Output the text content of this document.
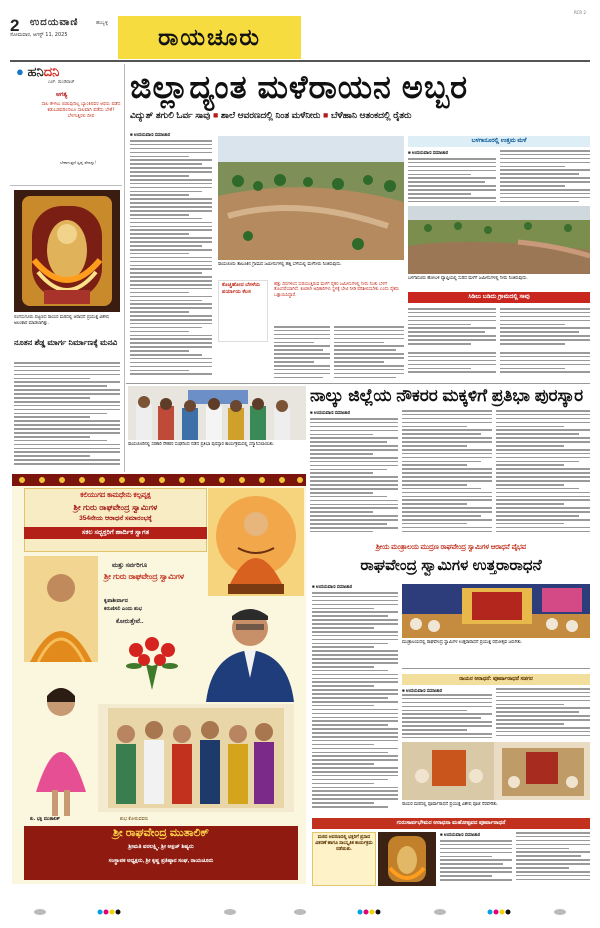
2 ಉದಯವಾಣಿ	ಹುಬ್ಬಳ್ಳಿ
ಸೋಮವಾರ, ಆಗಸ್ಟ್ 11, 2025	ರಾಯಚೂರು
RCR 2
● ಹನಿದನಿ
ಎಚ್. ಡುಂಡಿರಾಜ್
ಆಗತ್ಯ
ಸಾಲ ಕೇಳಲು ಬಿಡುವುದಿಲ್ಲ ಬ್ಯಾಂಕಿನವರ ಆಫರು ಪಡೆದ ಕಡುಬಡವರಿಂದಲೂ ಸಾಲವಾಗಿ ಪಡೆದು ಬೇಕೆ? ಬೆಳಗುತ್ತಿರಲಿ ದೀಪ
ಬೇಕಾಗುತ್ತದೆ ಸ್ವಪ್ನ ಪೆನಾನ್ನು!
ಲಿಂಗಸುಗೂರು ಪಟ್ಟಣದ ರಾಯರ ಮಠದಲ್ಲಿ ಆರಾಧನೆ ಪ್ರಯುಕ್ತ ವಿಶೇಷ ಅಲಂಕಾರ ಮಾಡಲಾಗಿತ್ತು.
ನೂತನ ಶೆಡ್ಡ ಮಾರ್ಗ ನಿರ್ಮಾಣಕ್ಕೆ ಮನವಿ
ಜಿಲ್ಲಾದ್ಯಂತ ಮಳೆರಾಯನ ಅಬ್ಬರ
ವಿದ್ಯುತ್ ತಗುಲಿ ಓರ್ವ ಸಾವು ■ ಶಾಲೆ ಆವರಣದಲ್ಲಿ ನಿಂತ ಮಳೆನೀರು ■ ಬೆಳೆಹಾನಿ ಆತಂಕದಲ್ಲಿ ರೈತರು
■ ಉದಯವಾಣಿ ಸಮಾಚಾರ
ರಾಯಚೂರು ತಾಲೂಕಿನ ಗ್ರಾಮದ ಜಮೀನುಗಳಲ್ಲಿ ಹತ್ತಿ ಬೆಳೆಯಲ್ಲಿ ಮಳೆನೀರು ನಿಂತಿರುವುದು.
ಕೊಚ್ಚಿಹೋದ ಬೆಸಳೆಯ ಪರ್ಯಾಯ ಕೆಲಸ
ಹತ್ತು ದಿನಗಳಿಂದ ಸುರಿಯುತ್ತಿರುವ ಮಳೆಗೆ ರೈತರ ಜಮೀನುಗಳಲ್ಲಿ ನೀರು ನಿಂತು ಬೆಳೆಗೆ ತೊಂದರೆಯಾಗಿದೆ. ಕೂಡಲೇ ಅಧಿಕಾರಿಗಳು ಸ್ಥಳಕ್ಕೆ ಭೇಟಿ ನೀಡಿ ಪರಿಶೀಲಿಸಬೇಕು ಎಂದು ರೈತರು ಒತ್ತಾಯಿಸಿದ್ದಾರೆ.
ಬಳಗಾನೂರಲ್ಲಿ ಉತ್ತಮ ಮಳೆ
■ ಉದಯವಾಣಿ ಸಮಾಚಾರ
ಬಳಗಾನೂರು ಹೋಬಳಿ ವ್ಯಾಪ್ತಿಯಲ್ಲಿ ಸುರಿದ ಮಳೆಗೆ ಜಮೀನುಗಳಲ್ಲಿ ನೀರು ನಿಂತಿರುವುದು.
ಸಿಡಿಲು ಬಡಿದು ಗ್ರಾಮದಲ್ಲಿ ಸಾವು
ರಾಯಚೂರಿನಲ್ಲಿ ಸರಕಾರಿ ನೌಕರರ ಸಂಘದಿಂದ ನಡೆದ ಪ್ರತಿಭಾ ಪುರಸ್ಕಾರ ಕಾರ್ಯಕ್ರಮದಲ್ಲಿ ಸನ್ಮಾನಿಸಲಾಯಿತು.
ನಾಲ್ಕು ಜಿಲ್ಲೆಯ ನೌಕರರ ಮಕ್ಕಳಿಗೆ ಪ್ರತಿಭಾ ಪುರಸ್ಕಾರ
■ ಉದಯವಾಣಿ ಸಮಾಚಾರ
ಕಲಿಯುಗದ ಕಾಮಧೇನು ಕಲ್ಪವೃಕ್ಷ
ಶ್ರೀ ಗುರು ರಾಘವೇಂದ್ರ ಸ್ವಾಮಿಗಳ
354ನೇಯ ಆರಾಧನೆ ಸಮಾರಂಭಕ್ಕೆ
ಸಕಲ ಸದ್ಭಕ್ತರಿಗೆ ಹಾರ್ದಿಕ ಸ್ವಾಗತ
ಮತ್ತು ಸರ್ವರಿಗೂ
ಶ್ರೀ ಗುರು ರಾಘವೇಂದ್ರ ಸ್ವಾಮಿಗಳ
ಕೃಪಾಶೀರ್ವಾದ
ಕರುಣಿಸಲಿ ಎಂದು ಶುಭ
ಕೋರುತ್ತೇವೆ..
ಕು. ಭಕ್ತಿ ಮುತಾಲಿಕ್	ಶುಭ ಕೋರುವವರು
ಶ್ರೀ ರಾಘವೇಂದ್ರ ಮುತಾಲಿಕ್
ಶ್ರೀಮತಿ ವರಲಕ್ಷ್ಮಿ, ಶ್ರೀ ಅಕ್ಷಜ್ ಶಿಷ್ಯರು
ಸಂಸ್ಥಾಪಕ ಅಧ್ಯಕ್ಷರು, ಶ್ರೀ ಕೃಷ್ಣ ಪ್ರತಿಷ್ಠಾನ ಸಂಘ, ರಾಯಚೂರು
ಶ್ರೀಯ ಮಂತ್ರಾಲಯ ಮುದ್ರಣ ರಾಘವೇಂದ್ರ ಸ್ವಾಮಿಗಳ ಆರಾಧನೆ ವೈಭವ
ರಾಘವೇಂದ್ರ ಸ್ವಾಮಿಗಳ ಉತ್ತರಾರಾಧನೆ
■ ಉದಯವಾಣಿ ಸಮಾಚಾರ
ಮಂತ್ರಾಲಯದಲ್ಲಿ ರಾಘವೇಂದ್ರ ಸ್ವಾಮಿಗಳ ಉತ್ತರಾರಾಧನೆ ಪ್ರಯುಕ್ತ ರಥೋತ್ಸವ ಜರುಗಿತು.
ರಾಯರ ಆರಾಧನೆ: ಪೂರ್ವಾರಾಧನೆ ಸಡಗರ
■ ಉದಯವಾಣಿ ಸಮಾಚಾರ
ರಾಯರ ಮಠದಲ್ಲಿ ಪೂರ್ವಾರಾಧನೆ ಪ್ರಯುಕ್ತ ವಿಶೇಷ ಪೂಜೆ ನೆರವೇರಿತು.
ಗುರುಸಾರ್ವಭೌಮರ ಆರಾಧನಾ ಮಹೋತ್ಸವದ ಪೂರ್ವಾರಾಧನೆ
ಮಠದ ಆವರಣದಲ್ಲಿ ಭಕ್ತರಿಗೆ ಪ್ರಸಾದ ವಿತರಣೆ ಹಾಗೂ ಸಾಂಸ್ಕೃತಿಕ ಕಾರ್ಯಕ್ರಮ ನಡೆಯಿತು.
■ ಉದಯವಾಣಿ ಸಮಾಚಾರ
